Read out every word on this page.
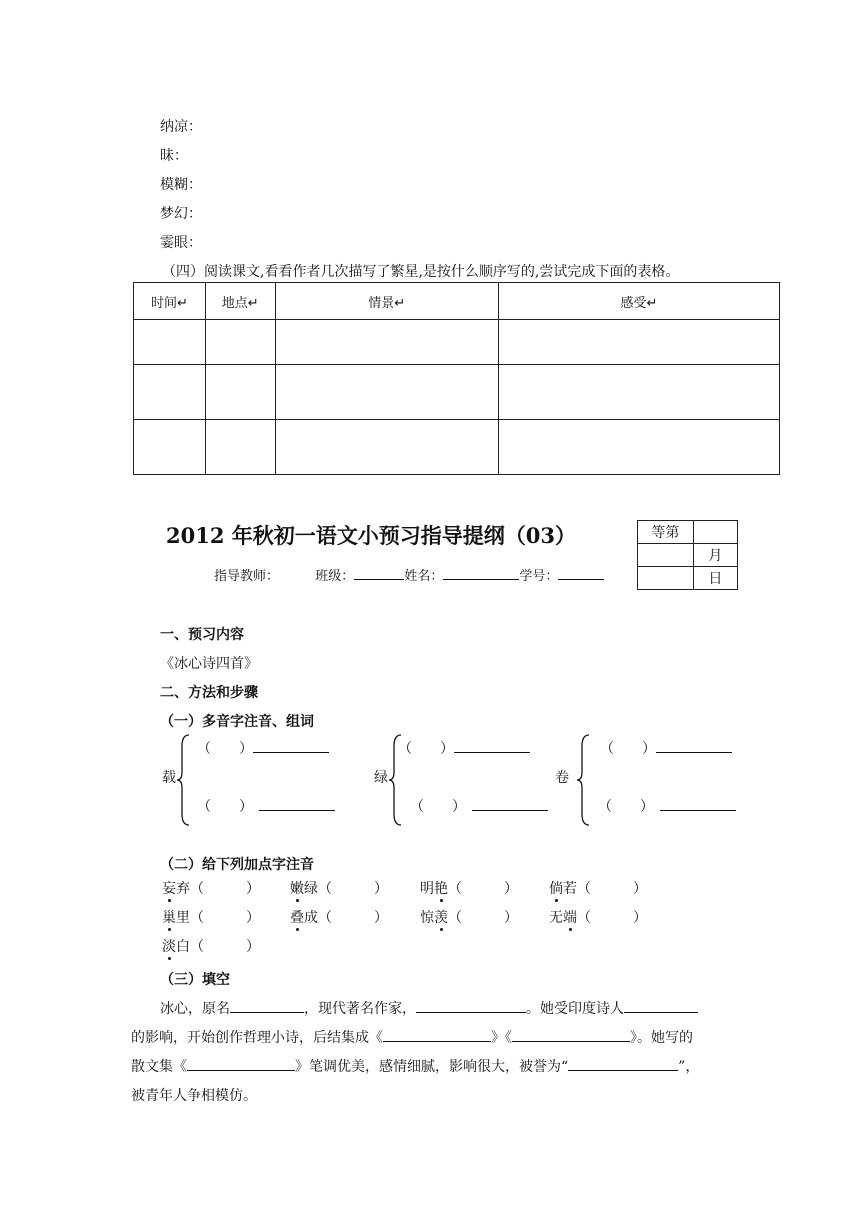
纳凉：
昧：
模糊：
梦幻：
霎眼：
（四）阅读课文,看看作者几次描写了繁星,是按什么顺序写的,尝试完成下面的表格。
时间↵	地点↵	情景↵	感受↵

2012 年秋初一语文小预习指导提纲（03）	等第	
	月
	日
指导教师：	班级：	姓名：	学号：
一、预习内容
《冰心诗四首》
二、方法和步骤
（一）多音字注音、组词
载
（　　）
（　　）
绿
（　　）
（　　）
卷
（　　）
（　　）
（二）给下列加点字注音
妄弃（　　　） 嫩绿（　　　） 明艳（　　　） 倘若（　　　）
巢里（　　　） 叠成（　　　） 惊羡（　　　） 无端（　　　）
淡白（　　　）
（三）填空
冰心，原名	，现代著名作家，	。她受印度诗人
的影响，开始创作哲理小诗，后结集成《	》《	》。她写的
散文集《	》笔调优美，感情细腻，影响很大，被誉为“	”，
被青年人争相模仿。
